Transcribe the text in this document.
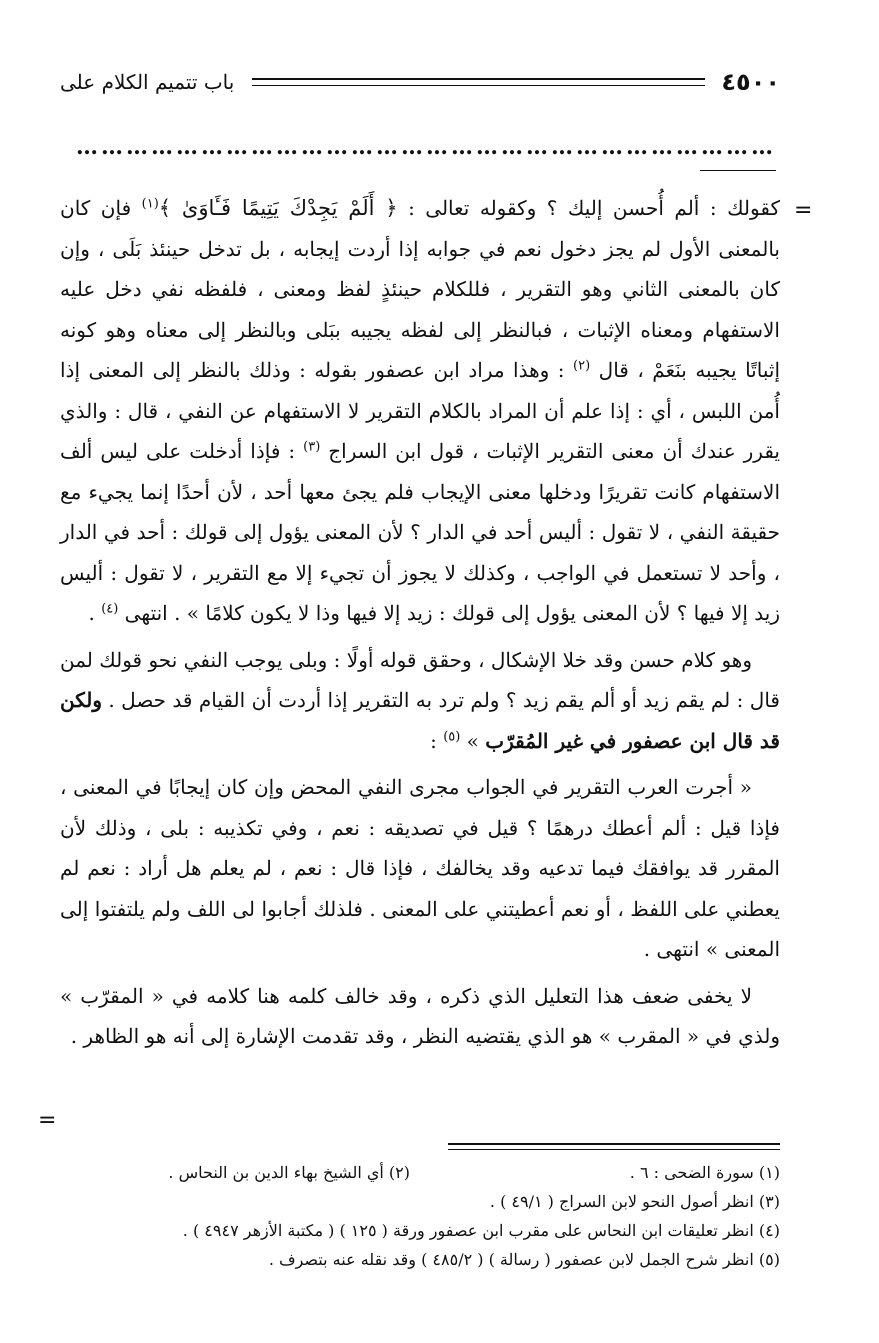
٤٥٠٠
باب تتميم الكلام على
…………………………………………………………………………
=
=

كقولك : ألم أُحسن إليك ؟ وكقوله تعالى : ﴿ أَلَمْ يَجِدْكَ يَتِيمًا فَـَٔاوَىٰ ﴾$^{(١)}$ فإن كان بالمعنى الأول لم يجز دخول نعم في جوابه إذا أردت إيجابه ، بل تدخل حينئذ بَلَى ، وإن كان بالمعنى الثاني وهو التقرير ، فللكلام حينئذٍ لفظ ومعنى ، فلفظه نفي دخل عليه الاستفهام ومعناه الإثبات ، فبالنظر إلى لفظه يجيبه ببَلى وبالنظر إلى معناه وهو كونه إثباتًا يجيبه بنَعَمْ ، قال $^{(٢)}$ : وهذا مراد ابن عصفور بقوله : وذلك بالنظر إلى المعنى إذا أُمن اللبس ، أي : إذا علم أن المراد بالكلام التقرير لا الاستفهام عن النفي ، قال : والذي يقرر عندك أن معنى التقرير الإثبات ، قول ابن السراج $^{(٣)}$ : فإذا أدخلت على ليس ألف الاستفهام كانت تقريرًا ودخلها معنى الإيجاب فلم يجئ معها أحد ، لأن أحدًا إنما يجيء مع حقيقة النفي ، لا تقول : أليس أحد في الدار ؟ لأن المعنى يؤول إلى قولك : أحد في الدار ، وأحد لا تستعمل في الواجب ، وكذلك لا يجوز أن تجيء إلا مع التقرير ، لا تقول : أليس زيد إلا فيها ؟ لأن المعنى يؤول إلى قولك : زيد إلا فيها وذا لا يكون كلامًا » . انتهى $^{(٤)}$ .

وهو كلام حسن وقد خلا الإشكال ، وحقق قوله أولًا : وبلى يوجب النفي نحو قولك لمن قال : لم يقم زيد أو ألم يقم زيد ؟ ولم ترد به التقرير إذا أردت أن القيام قد حصل . ولكن قد قال ابن عصفور في غير المُقرّب » $^{(٥)}$ :

« أجرت العرب التقرير في الجواب مجرى النفي المحض وإن كان إيجابًا في المعنى ، فإذا قيل : ألم أعطك درهمًا ؟ قيل في تصديقه : نعم ، وفي تكذيبه : بلى ، وذلك لأن المقرر قد يوافقك فيما تدعيه وقد يخالفك ، فإذا قال : نعم ، لم يعلم هل أراد : نعم لم يعطني على اللفظ ، أو نعم أعطيتني على المعنى . فلذلك أجابوا لى اللف ولم يلتفتوا إلى المعنى » انتهى .

لا يخفى ضعف هذا التعليل الذي ذكره ، وقد خالف كلمه هنا كلامه في « المقرّب » ولذي في « المقرب » هو الذي يقتضيه النظر ، وقد تقدمت الإشارة إلى أنه هو الظاهر .

(١) سورة الضحى : ٦ .
(٢) أي الشيخ بهاء الدين بن النحاس .
(٣) انظر أصول النحو لابن السراج ( ٤٩/١ ) .
(٤) انظر تعليقات ابن النحاس على مقرب ابن عصفور ورقة ( ١٢٥ ) ( مكتبة الأزهر ٤٩٤٧ ) .
(٥) انظر شرح الجمل لابن عصفور ( رسالة ) ( ٤٨٥/٢ ) وقد نقله عنه بتصرف .
